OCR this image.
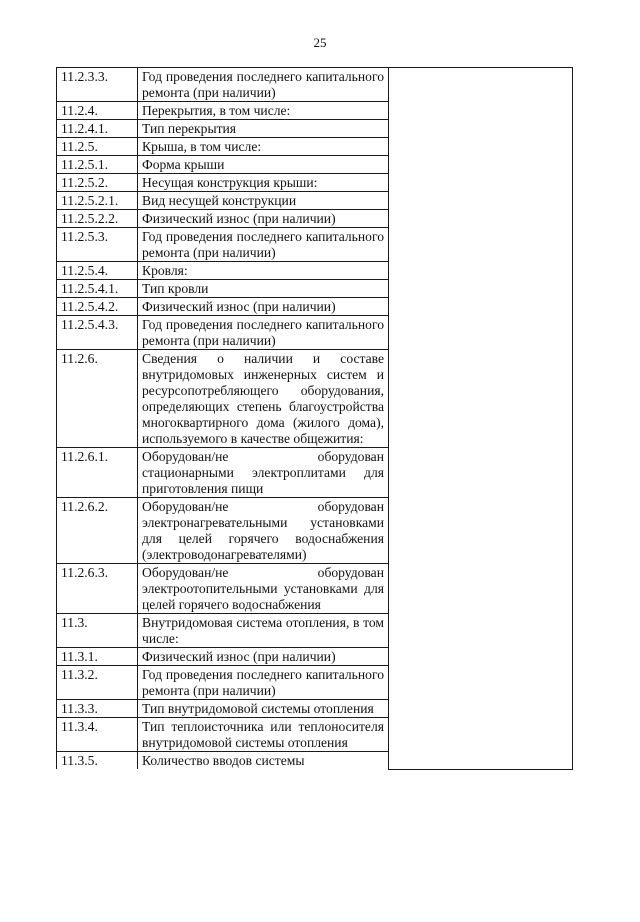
25
11.2.3.3.	Год проведения последнего капитального ремонта (при наличии)	
11.2.4.	Перекрытия, в том числе:	
11.2.4.1.	Тип перекрытия	
11.2.5.	Крыша, в том числе:	
11.2.5.1.	Форма крыши	
11.2.5.2.	Несущая конструкция крыши:	
11.2.5.2.1.	Вид несущей конструкции	
11.2.5.2.2.	Физический износ (при наличии)	
11.2.5.3.	Год проведения последнего капитального ремонта (при наличии)	
11.2.5.4.	Кровля:	
11.2.5.4.1.	Тип кровли	
11.2.5.4.2.	Физический износ (при наличии)	
11.2.5.4.3.	Год проведения последнего капитального ремонта (при наличии)	
11.2.6.	Сведения о наличии и составе внутридомовых инженерных систем и ресурсопотребляющего оборудования, определяющих степень благоустройства многоквартирного дома (жилого дома), используемого в качестве общежития:	
11.2.6.1.	Оборудован/не оборудован стационарными электроплитами для приготовления пищи	
11.2.6.2.	Оборудован/не оборудован электронагревательными установками для целей горячего водоснабжения (электроводонагревателями)	
11.2.6.3.	Оборудован/не оборудован электроотопительными установками для целей горячего водоснабжения	
11.3.	Внутридомовая система отопления, в том числе:	
11.3.1.	Физический износ (при наличии)	
11.3.2.	Год проведения последнего капитального ремонта (при наличии)	
11.3.3.	Тип внутридомовой системы отопления	
11.3.4.	Тип теплоисточника или теплоносителя внутридомовой системы отопления	
11.3.5.	Количество вводов системы	
